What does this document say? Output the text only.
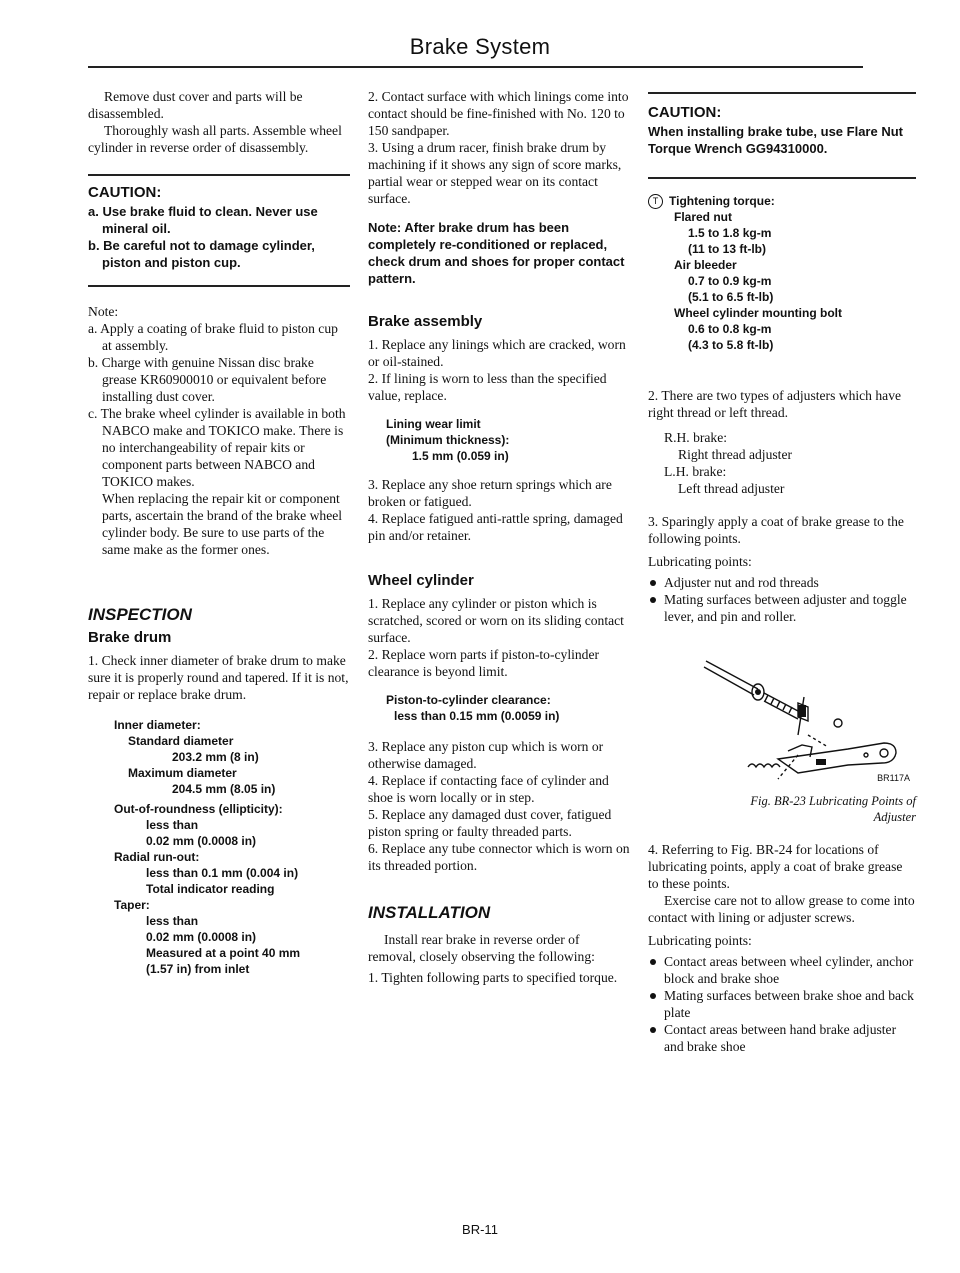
Brake System

Remove dust cover and parts will be disassembled.

Thoroughly wash all parts. Assemble wheel cylinder in reverse order of disassembly.

CAUTION:
a. Use brake fluid to clean. Never use mineral oil.
b. Be careful not to damage cylinder, piston and piston cup.

Note:

a. Apply a coating of brake fluid to piston cup at assembly.

b. Charge with genuine Nissan disc brake grease KR60900010 or equivalent before installing dust cover.

c. The brake wheel cylinder is available in both NABCO make and TOKICO make. There is no interchangeability of repair kits or component parts between NABCO and TOKICO makes.

When replacing the repair kit or component parts, ascertain the brand of the brake wheel cylinder body. Be sure to use parts of the same make as the former ones.

INSPECTION
Brake drum

1. Check inner diameter of brake drum to make sure it is properly round and tapered. If it is not, repair or replace brake drum.

Inner diameter:
Standard diameter
203.2 mm (8 in)
Maximum diameter
204.5 mm (8.05 in)
Out-of-roundness (ellipticity):
less than
0.02 mm (0.0008 in)
Radial run-out:
less than 0.1 mm (0.004 in)
Total indicator reading
Taper:
less than
0.02 mm (0.0008 in)
Measured at a point 40 mm
(1.57 in) from inlet

2. Contact surface with which linings come into contact should be fine-finished with No. 120 to 150 sandpaper.

3. Using a drum racer, finish brake drum by machining if it shows any sign of score marks, partial wear or stepped wear on its contact surface.

Note: After brake drum has been completely re-conditioned or replaced, check drum and shoes for proper contact pattern.
Brake assembly

1. Replace any linings which are cracked, worn or oil-stained.

2. If lining is worn to less than the specified value, replace.

Lining wear limit
(Minimum thickness):
1.5 mm (0.059 in)

3. Replace any shoe return springs which are broken or fatigued.

4. Replace fatigued anti-rattle spring, damaged pin and/or retainer.

Wheel cylinder

1. Replace any cylinder or piston which is scratched, scored or worn on its sliding contact surface.

2. Replace worn parts if piston-to-cylinder clearance is beyond limit.

Piston-to-cylinder clearance:
less than 0.15 mm (0.0059 in)

3. Replace any piston cup which is worn or otherwise damaged.

4. Replace if contacting face of cylinder and shoe is worn locally or in step.

5. Replace any damaged dust cover, fatigued piston spring or faulty threaded parts.

6. Replace any tube connector which is worn on its threaded portion.

INSTALLATION

Install rear brake in reverse order of removal, closely observing the following:

1. Tighten following parts to specified torque.

CAUTION:
When installing brake tube, use Flare Nut Torque Wrench GG94310000.
T Tightening torque:
Flared nut
1.5 to 1.8 kg-m
(11 to 13 ft-lb)
Air bleeder
0.7 to 0.9 kg-m
(5.1 to 6.5 ft-lb)
Wheel cylinder mounting bolt
0.6 to 0.8 kg-m
(4.3 to 5.8 ft-lb)

2. There are two types of adjusters which have right thread or left thread.

R.H. brake:

Right thread adjuster

L.H. brake:

Left thread adjuster

3. Sparingly apply a coat of brake grease to the following points.

Lubricating points:

Adjuster nut and rod threads
Mating surfaces between adjuster and toggle lever, and pin and roller.
BR117A
Fig. BR-23 Lubricating Points of
Adjuster

4. Referring to Fig. BR-24 for locations of lubricating points, apply a coat of brake grease to these points.

Exercise care not to allow grease to come into contact with lining or adjuster screws.

Lubricating points:

Contact areas between wheel cylinder, anchor block and brake shoe
Mating surfaces between brake shoe and back plate
Contact areas between hand brake adjuster and brake shoe
BR-11
